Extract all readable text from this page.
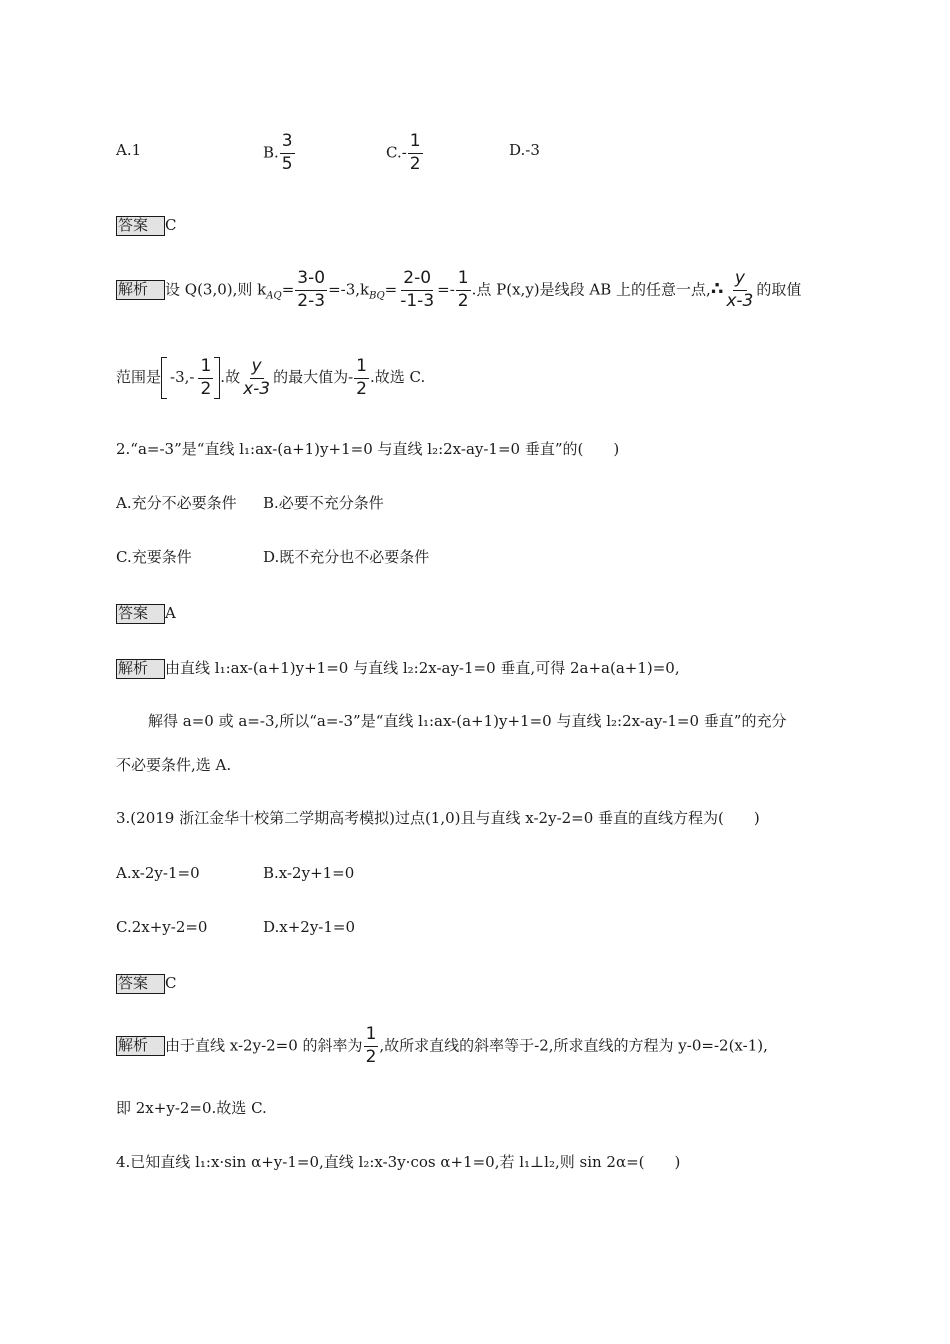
A.1	B. $\frac{3}{5}$	$C.- \frac{1}{2}$	D.-3
答案 C
解析 设 Q(3,0),则 $k_{AQ}= \frac{3-0}{2-3} =-3,k_{BQ}= \frac{2-0}{-1-3} =- \frac{1}{2}$ .点 P(x,y)是线段 AB 上的任意一点,∴ $\frac{y}{x-3}$ 的取值
范围是 $-3,- \frac{1}{2}$ .故 $\frac{y}{x-3}$ 的最大值为- $\frac{1}{2}$ .故选 C.
2.“a=-3”是“直线 l₁:ax-(a+1)y+1=0 与直线 l₂:2x-ay-1=0 垂直”的(　　)
A.充分不必要条件 B.必要不充分条件
C.充要条件	D.既不充分也不必要条件
答案 A
解析 由直线 l₁:ax-(a+1)y+1=0 与直线 l₂:2x-ay-1=0 垂直,可得 2a+a(a+1)=0,
解得 a=0 或 a=-3,所以“a=-3”是“直线 l₁:ax-(a+1)y+1=0 与直线 l₂:2x-ay-1=0 垂直”的充分
不必要条件,选 A.
3.(2019 浙江金华十校第二学期高考模拟)过点(1,0)且与直线 x-2y-2=0 垂直的直线方程为(　　)
A.x-2y-1=0	B.x-2y+1=0
C.2x+y-2=0	D.x+2y-1=0
答案 C
解析 由于直线 x-2y-2=0 的斜率为 $\frac{1}{2}$ ,故所求直线的斜率等于-2,所求直线的方程为 y-0=-2(x-1),
即 2x+y-2=0.故选 C.
4.已知直线 l₁:x·sin α+y-1=0,直线 l₂:x-3y·cos α+1=0,若 l₁⊥l₂,则 sin 2α=(　　)
